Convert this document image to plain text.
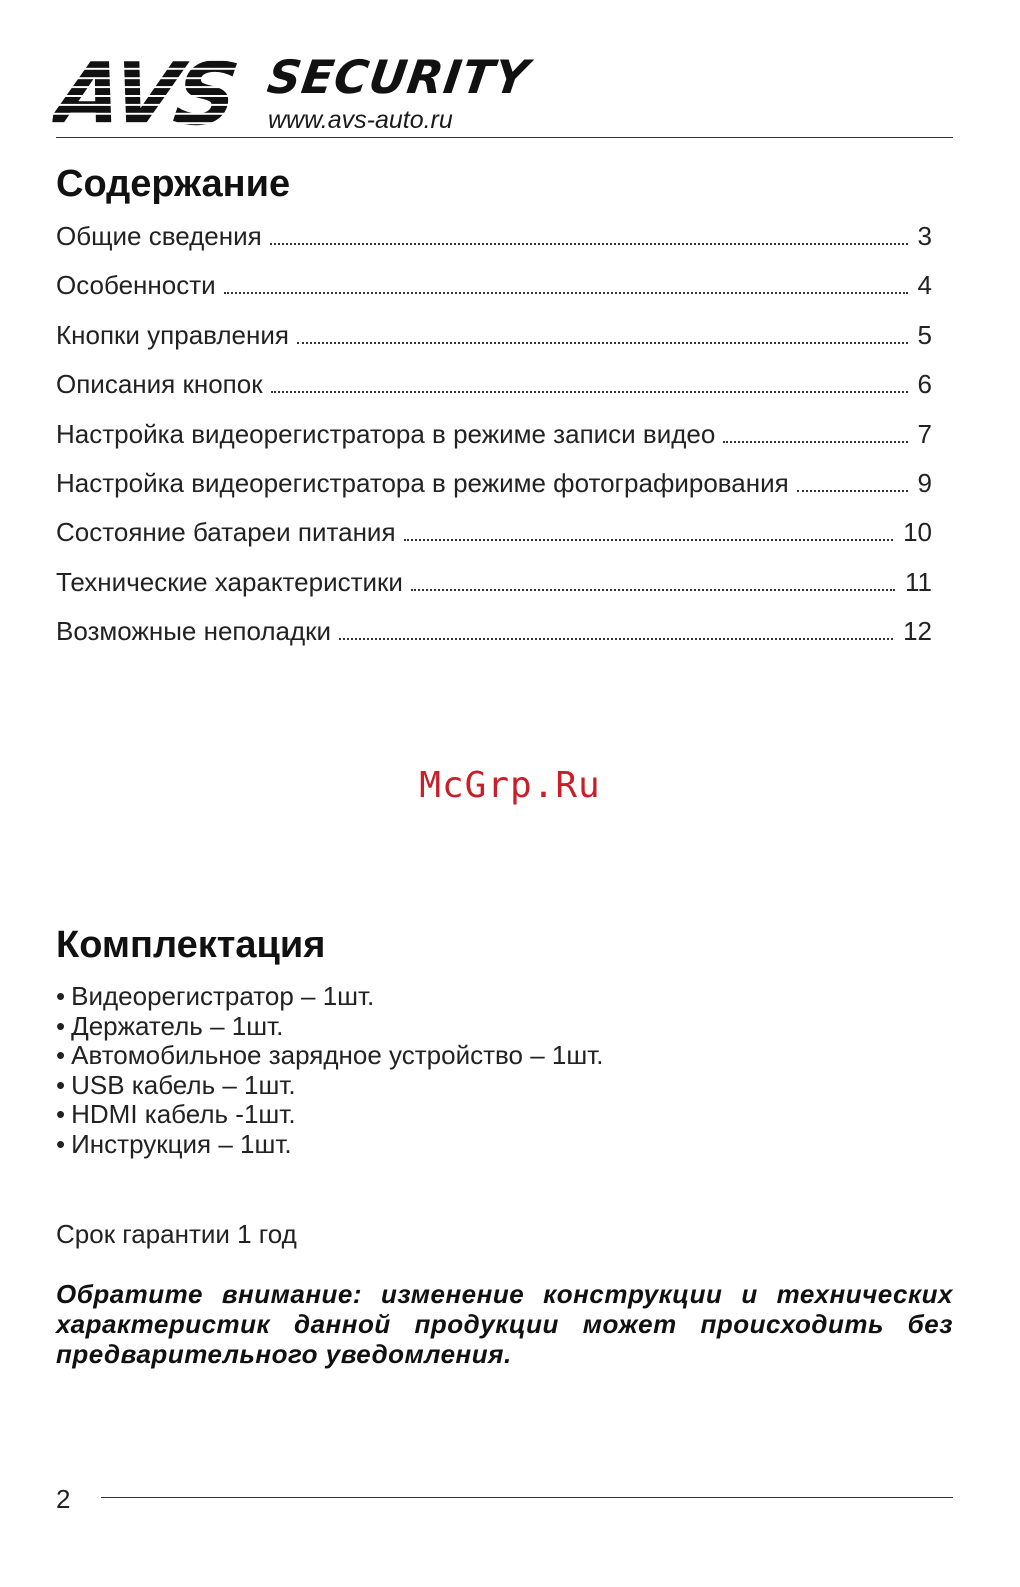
AVS SECURITY
www.avs-auto.ru
Содержание
Общие сведения	3
Особенности	4
Кнопки управления	5
Описания кнопок	6
Настройка видеорегистратора в режиме записи видео	7
Настройка видеорегистратора в режиме фотографирования	9
Состояние батареи питания	10
Технические характеристики	11
Возможные неполадки	12
McGrp.Ru
Комплектация
• Видеорегистратор – 1шт.
• Держатель – 1шт.
• Автомобильное зарядное устройство – 1шт.
• USB кабель – 1шт.
• HDMI кабель -1шт.
• Инструкция – 1шт.
Срок гарантии 1 год

Обратите внимание: изменение конструкции и технических характеристик данной продукции может происходить без предварительного уведомления.

2
